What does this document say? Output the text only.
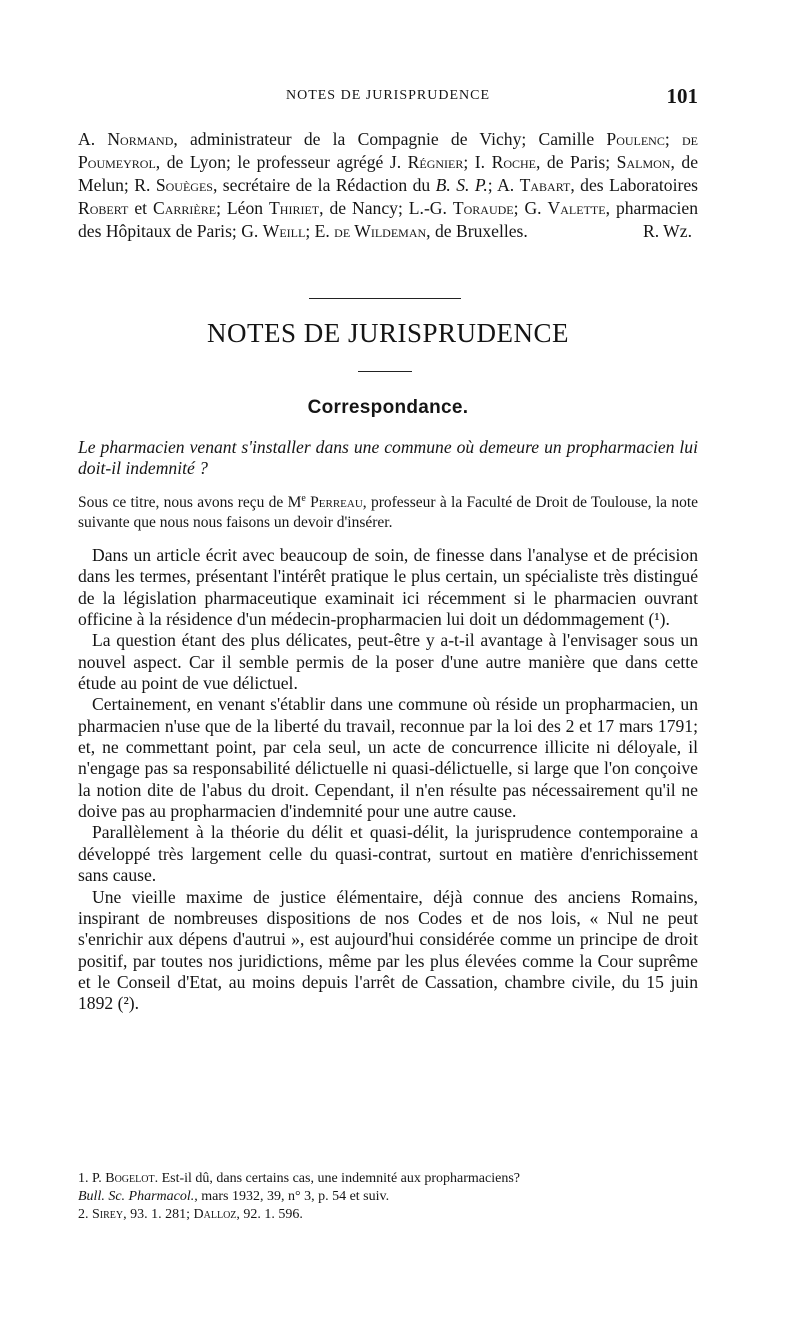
NOTES DE JURISPRUDENCE	101

A. Normand, administrateur de la Compagnie de Vichy; Camille Poulenc; de Poumeyrol, de Lyon; le professeur agrégé J. Régnier; I. Roche, de Paris; Salmon, de Melun; R. Souèges, secrétaire de la Rédaction du B. S. P.; A. Tabart, des Laboratoires Robert et Carrière; Léon Thiriet, de Nancy; L.-G. Toraude; G. Valette, pharmacien des Hôpitaux de Paris; G. Weill; E. de Wildeman, de Bruxelles.	R. Wz.

NOTES DE JURISPRUDENCE
Correspondance.

Le pharmacien venant s'installer dans une commune où demeure un propharmacien lui doit-il indemnité ?

Sous ce titre, nous avons reçu de Me Perreau, professeur à la Faculté de Droit de Toulouse, la note suivante que nous nous faisons un devoir d'insérer.

Dans un article écrit avec beaucoup de soin, de finesse dans l'analyse et de précision dans les termes, présentant l'intérêt pratique le plus certain, un spécialiste très distingué de la législation pharmaceutique examinait ici récemment si le pharmacien ouvrant officine à la résidence d'un médecin-propharmacien lui doit un dédommagement (¹).

La question étant des plus délicates, peut-être y a-t-il avantage à l'envisager sous un nouvel aspect. Car il semble permis de la poser d'une autre manière que dans cette étude au point de vue délictuel.

Certainement, en venant s'établir dans une commune où réside un propharmacien, un pharmacien n'use que de la liberté du travail, reconnue par la loi des 2 et 17 mars 1791; et, ne commettant point, par cela seul, un acte de concurrence illicite ni déloyale, il n'engage pas sa responsabilité délictuelle ni quasi-délictuelle, si large que l'on conçoive la notion dite de l'abus du droit. Cependant, il n'en résulte pas nécessairement qu'il ne doive pas au propharmacien d'indemnité pour une autre cause.

Parallèlement à la théorie du délit et quasi-délit, la jurisprudence contemporaine a développé très largement celle du quasi-contrat, surtout en matière d'enrichissement sans cause.

Une vieille maxime de justice élémentaire, déjà connue des anciens Romains, inspirant de nombreuses dispositions de nos Codes et de nos lois, « Nul ne peut s'enrichir aux dépens d'autrui », est aujourd'hui considérée comme un principe de droit positif, par toutes nos juridictions, même par les plus élevées comme la Cour suprême et le Conseil d'Etat, au moins depuis l'arrêt de Cassation, chambre civile, du 15 juin 1892 (²).

1. P. Bogelot. Est-il dû, dans certains cas, une indemnité aux propharmaciens?
Bull. Sc. Pharmacol., mars 1932, 39, n° 3, p. 54 et suiv.

2. Sirey, 93. 1. 281; Dalloz, 92. 1. 596.
